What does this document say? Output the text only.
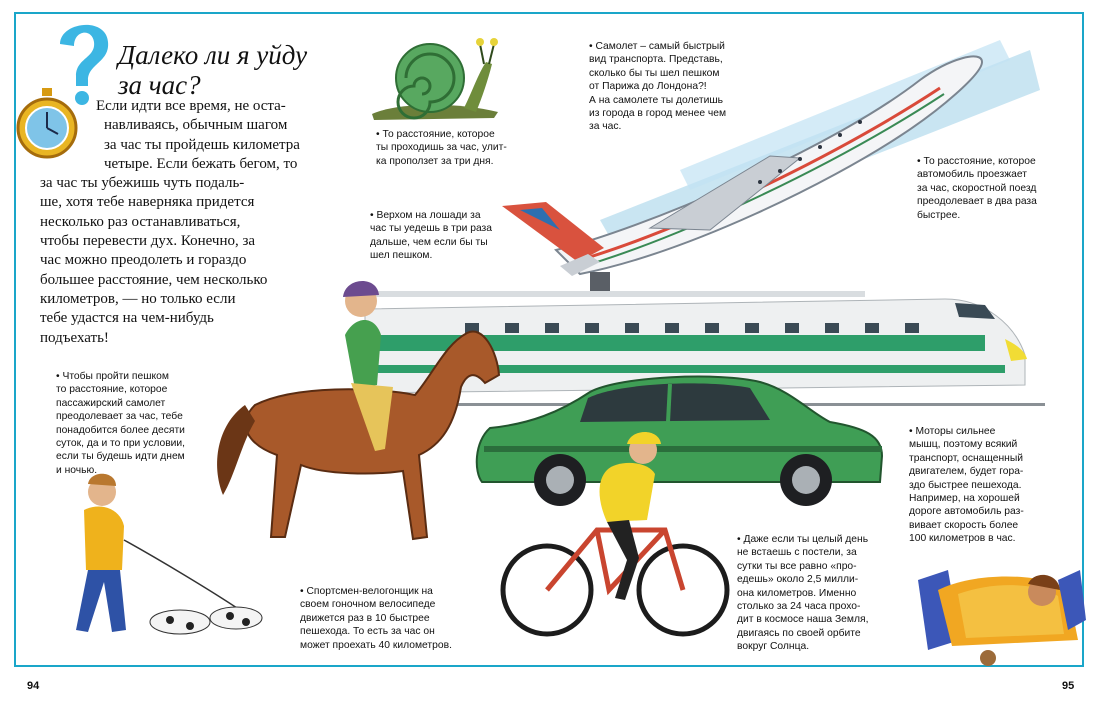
Далеко ли я уйду
за час?
Если идти все время, не оста-
навливаясь, обычным шагом
за час ты пройдешь километра
четыре. Если бежать бегом, то
за час ты убежишь чуть подаль-
ше, хотя тебе наверняка придется
несколько раз останавливаться,
чтобы перевести дух. Конечно, за
час можно преодолеть и гораздо
большее расстояние, чем несколько
километров, — но только если
тебе удастся на чем-нибудь
подъехать!
• То расстояние, которое
ты проходишь за час, улит-
ка проползет за три дня.
• Верхом на лошади за
час ты уедешь в три раза
дальше, чем если бы ты
шел пешком.
• Самолет – самый быстрый
вид транспорта. Представь,
сколько бы ты шел пешком
от Парижа до Лондона?!
А на самолете ты долетишь
из города в город менее чем
за час.
• То расстояние, которое
автомобиль проезжает
за час, скоростной поезд
преодолевает в два раза
быстрее.
• Чтобы пройти пешком
то расстояние, которое
пассажирский самолет
преодолевает за час, тебе
понадобится более десяти
суток, да и то при условии,
если ты будешь идти днем
и ночью.
• Спортсмен-велогонщик на
своем гоночном велосипеде
движется раз в 10 быстрее
пешехода. То есть за час он
может проехать 40 километров.
• Даже если ты целый день
не встаешь с постели, за
сутки ты все равно «про-
едешь» около 2,5 милли-
она километров. Именно
столько за 24 часа прохо-
дит в космосе наша Земля,
двигаясь по своей орбите
вокруг Солнца.
• Моторы сильнее
мышц, поэтому всякий
транспорт, оснащенный
двигателем, будет гора-
здо быстрее пешехода.
Например, на хорошей
дороге автомобиль раз-
вивает скорость более
100 километров в час.
94	95
